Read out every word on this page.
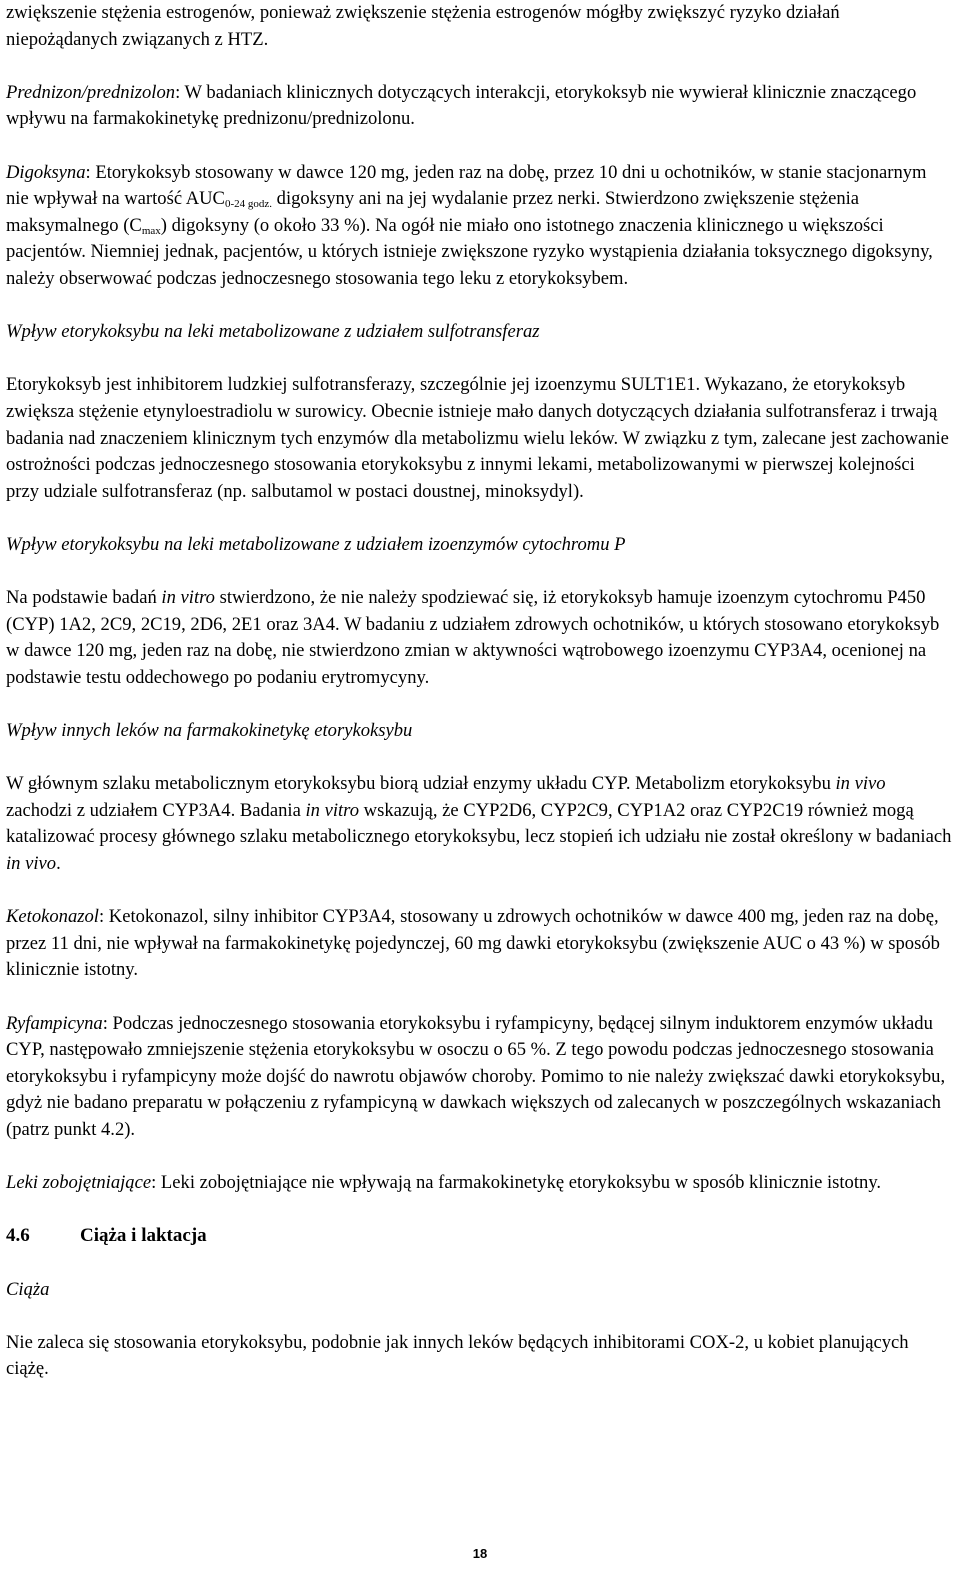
zwiększenie stężenia estrogenów, ponieważ zwiększenie stężenia estrogenów mógłby zwiększyć ryzyko działań niepożądanych związanych z HTZ.

Prednizon/prednizolon: W badaniach klinicznych dotyczących interakcji, etorykoksyb nie wywierał klinicznie znaczącego wpływu na farmakokinetykę prednizonu/prednizolonu.

Digoksyna: Etorykoksyb stosowany w dawce 120 mg, jeden raz na dobę, przez 10 dni u ochotników, w stanie stacjonarnym nie wpływał na wartość $AUC_{0-24 godz.}$ digoksyny ani na jej wydalanie przez nerki. Stwierdzono zwiększenie stężenia maksymalnego $(C_{max})$ digoksyny (o około 33 %). Na ogół nie miało ono istotnego znaczenia klinicznego u większości pacjentów. Niemniej jednak, pacjentów, u których istnieje zwiększone ryzyko wystąpienia działania toksycznego digoksyny, należy obserwować podczas jednoczesnego stosowania tego leku z etorykoksybem.

Wpływ etorykoksybu na leki metabolizowane z udziałem sulfotransferaz

Etorykoksyb jest inhibitorem ludzkiej sulfotransferazy, szczególnie jej izoenzymu SULT1E1. Wykazano, że etorykoksyb zwiększa stężenie etynyloestradiolu w surowicy. Obecnie istnieje mało danych dotyczących działania sulfotransferaz i trwają badania nad znaczeniem klinicznym tych enzymów dla metabolizmu wielu leków. W związku z tym, zalecane jest zachowanie ostrożności podczas jednoczesnego stosowania etorykoksybu z innymi lekami, metabolizowanymi w pierwszej kolejności przy udziale sulfotransferaz (np. salbutamol w postaci doustnej, minoksydyl).

Wpływ etorykoksybu na leki metabolizowane z udziałem izoenzymów cytochromu P

Na podstawie badań in vitro stwierdzono, że nie należy spodziewać się, iż etorykoksyb hamuje izoenzym cytochromu P450 (CYP) 1A2, 2C9, 2C19, 2D6, 2E1 oraz 3A4. W badaniu z udziałem zdrowych ochotników, u których stosowano etorykoksyb w dawce 120 mg, jeden raz na dobę, nie stwierdzono zmian w aktywności wątrobowego izoenzymu CYP3A4, ocenionej na podstawie testu oddechowego po podaniu erytromycyny.

Wpływ innych leków na farmakokinetykę etorykoksybu

W głównym szlaku metabolicznym etorykoksybu biorą udział enzymy układu CYP. Metabolizm etorykoksybu in vivo zachodzi z udziałem CYP3A4. Badania in vitro wskazują, że CYP2D6, CYP2C9, CYP1A2 oraz CYP2C19 również mogą katalizować procesy głównego szlaku metabolicznego etorykoksybu, lecz stopień ich udziału nie został określony w badaniach in vivo.

Ketokonazol: Ketokonazol, silny inhibitor CYP3A4, stosowany u zdrowych ochotników w dawce 400 mg, jeden raz na dobę, przez 11 dni, nie wpływał na farmakokinetykę pojedynczej, 60 mg dawki etorykoksybu (zwiększenie AUC o 43 %) w sposób klinicznie istotny.

Ryfampicyna: Podczas jednoczesnego stosowania etorykoksybu i ryfampicyny, będącej silnym induktorem enzymów układu CYP, następowało zmniejszenie stężenia etorykoksybu w osoczu o 65 %. Z tego powodu podczas jednoczesnego stosowania etorykoksybu i ryfampicyny może dojść do nawrotu objawów choroby. Pomimo to nie należy zwiększać dawki etorykoksybu, gdyż nie badano preparatu w połączeniu z ryfampicyną w dawkach większych od zalecanych w poszczególnych wskazaniach (patrz punkt 4.2).

Leki zobojętniające: Leki zobojętniające nie wpływają na farmakokinetykę etorykoksybu w sposób klinicznie istotny.

4.6	Ciąża i laktacja

Ciąża

Nie zaleca się stosowania etorykoksybu, podobnie jak innych leków będących inhibitorami COX-2, u kobiet planujących ciążę.

18
